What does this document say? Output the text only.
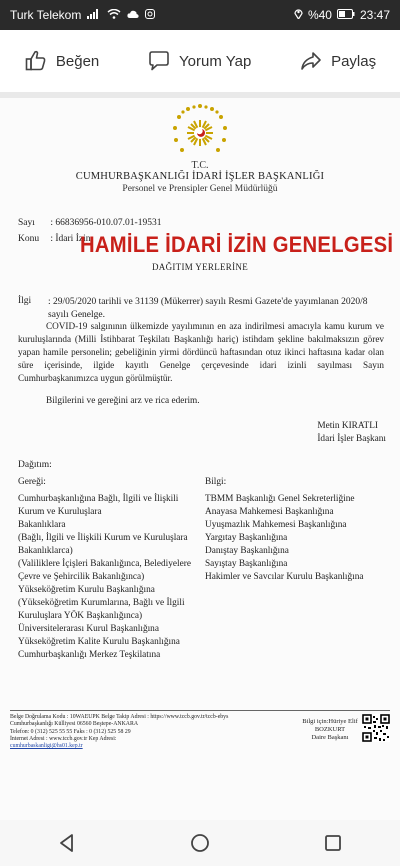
Turk Telekom	%40 23:47
Beğen	Yorum Yap	Paylaş
T.C.
CUMHURBAŞKANLIĞI İDARİ İŞLER BAŞKANLIĞI
Personel ve Prensipler Genel Müdürlüğü
Sayı : 66836956-010.07.01-19531
Konu : İdari İzin
HAMİLE İDARİ İZİN GENELGESİ
DAĞITIM YERLERİNE
İlgi : 29/05/2020 tarihli ve 31139 (Mükerrer) sayılı Resmi Gazete'de yayımlanan 2020/8 sayılı Genelge.
COVID-19 salgınının ülkemizde yayılımının en aza indirilmesi amacıyla kamu kurum ve kuruluşlarında (Milli İstihbarat Teşkilatı Başkanlığı hariç) istihdam şekline bakılmaksızın görev yapan hamile personelin; gebeliğinin yirmi dördüncü haftasından otuz ikinci haftasına kadar olan süre içerisinde, ilgide kayıtlı Genelge çerçevesinde idari izinli sayılması Sayın Cumhurbaşkanımızca uygun görülmüştür.
Bilgilerini ve gereğini arz ve rica ederim.
Metin KIRATLI
İdari İşler Başkanı
Dağıtım:
Gereği:
Cumhurbaşkanlığına Bağlı, İlgili ve İlişkili
Kurum ve Kuruluşlara
Bakanlıklara
(Bağlı, İlgili ve İlişkili Kurum ve Kuruluşlara
Bakanlıklarca)
(Valiliklere İçişleri Bakanlığınca, Belediyelere
Çevre ve Şehircilik Bakanlığınca)
Yükseköğretim Kurulu Başkanlığına
(Yükseköğretim Kurumlarına, Bağlı ve İlgili
Kuruluşlara YÖK Başkanlığınca)
Üniversitelerarası Kurul Başkanlığına
Yükseköğretim Kalite Kurulu Başkanlığına
Cumhurbaşkanlığı Merkez Teşkilatına
Bilgi:
TBMM Başkanlığı Genel Sekreterliğine
Anayasa Mahkemesi Başkanlığına
Uyuşmazlık Mahkemesi Başkanlığına
Yargıtay Başkanlığına
Danıştay Başkanlığına
Sayıştay Başkanlığına
Hakimler ve Savcılar Kurulu Başkanlığına
Belge Doğrulama Kodu : 10WAEUPK Belge Takip Adresi : https://www.tccb.gov.tr/tccb-ebys
Cumhurbaşkanlığı Külliyesi 06560 Beştepe-ANKARA
Telefon: 0 (312) 525 55 55 Faks : 0 (312) 525 58 29
İnternet Adresi : www.tccb.gov.tr Kep Adresi:
cumhurbaskanligi@hs01.kep.tr
Bilgi için:Hüriye Elif
BOZKURT
Daire Başkanı
